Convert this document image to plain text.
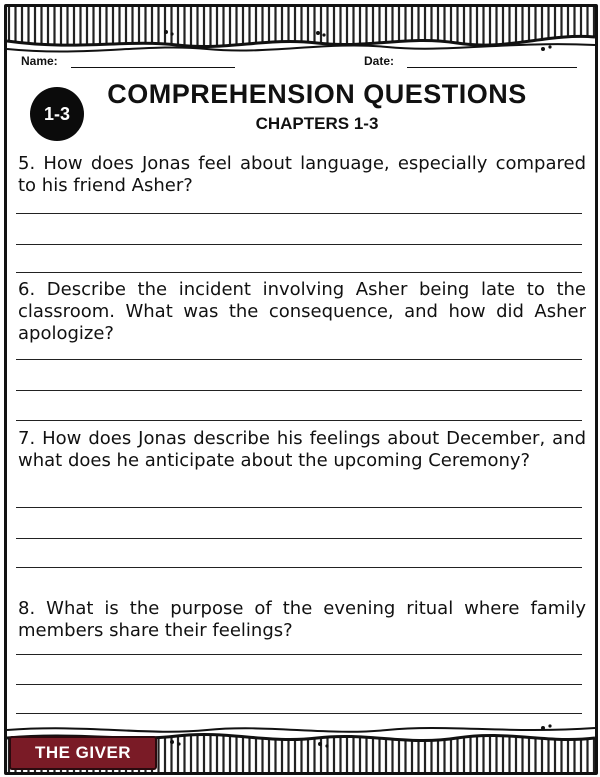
Name:	Date:
1-3
COMPREHENSION QUESTIONS
CHAPTERS 1-3
5. How does Jonas feel about language, especially compared to his friend Asher?
6. Describe the incident involving Asher being late to the classroom. What was the consequence, and how did Asher apologize?
7. How does Jonas describe his feelings about December, and what does he anticipate about the upcoming Ceremony?
8. What is the purpose of the evening ritual where family members share their feelings?
THE GIVER
